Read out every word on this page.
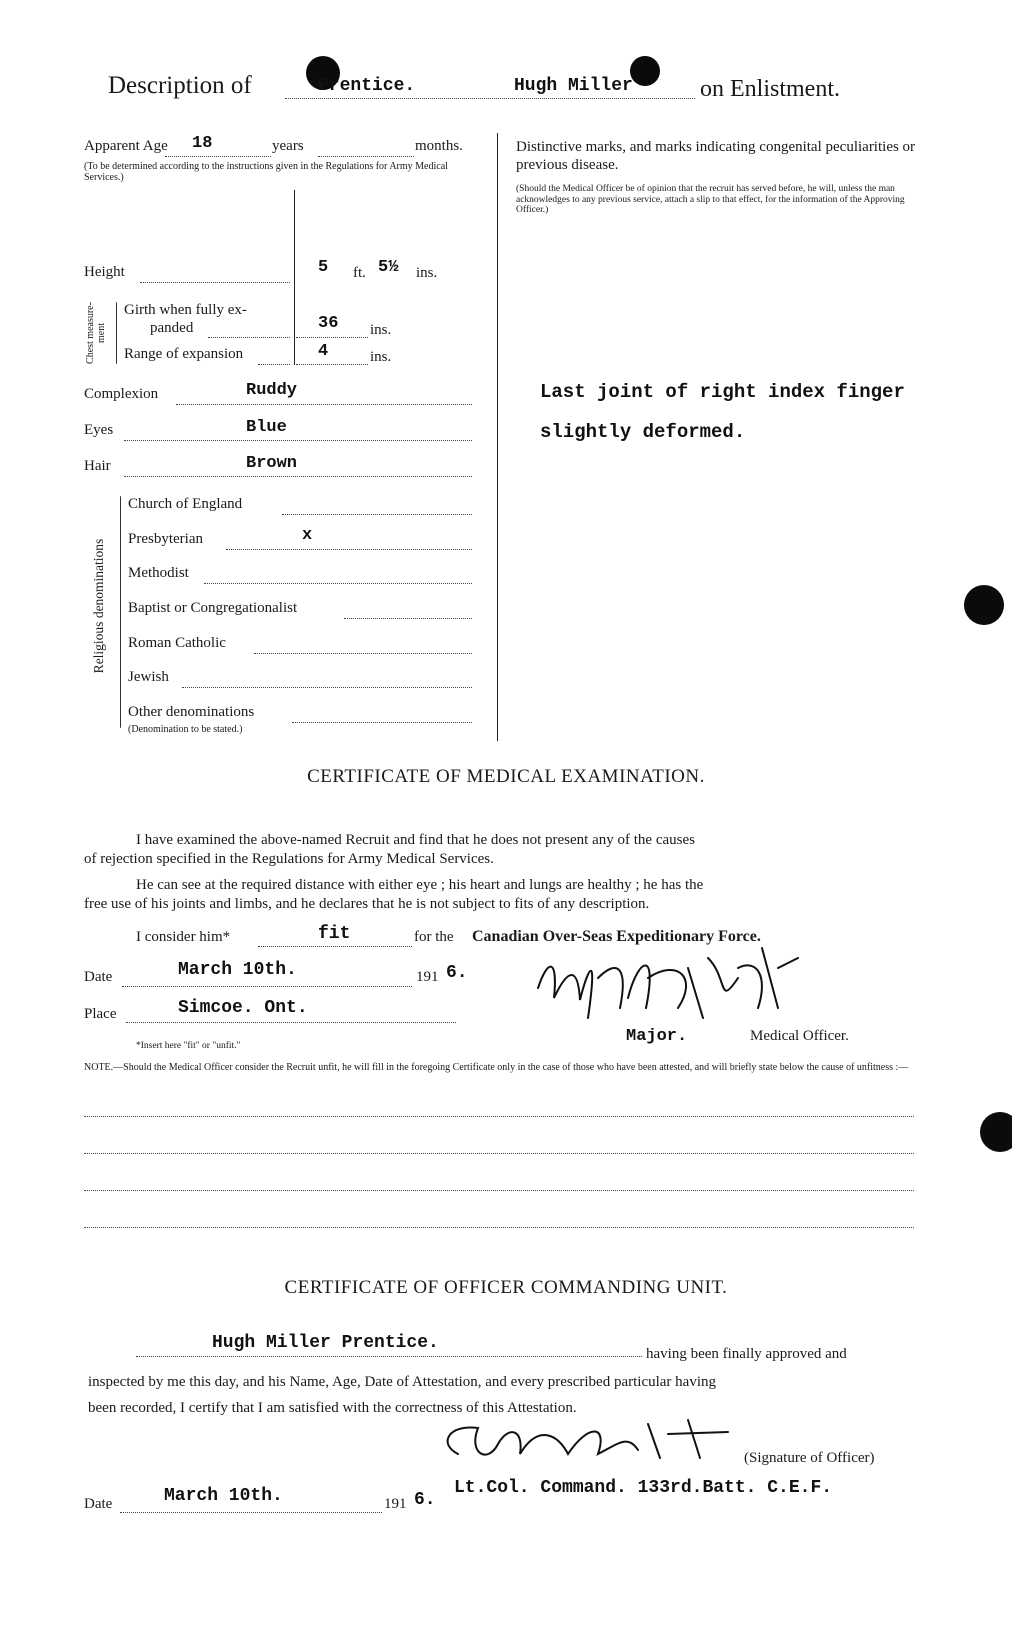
Description of	Prentice.	Hugh Miller	on Enlistment.
Apparent Age 18	years	months.
(To be determined according to the instructions given in the Regulations for Army Medical Services.)
Height	5 ft. 5½ ins.
Chest measure-ment
Girth when fully ex-
panded	36 ins.
Range of expansion	4	ins.
Complexion	Ruddy
Eyes	Blue
Hair	Brown
Religious denominations
Church of England
Presbyterian	x
Methodist
Baptist or Congregationalist
Roman Catholic
Jewish
Other denominations
(Denomination to be stated.)
Distinctive marks, and marks indicating congenital peculiarities or previous disease.
(Should the Medical Officer be of opinion that the recruit has served before, he will, unless the man acknowledges to any previous service, attach a slip to that effect, for the information of the Approving Officer.)
Last joint of right index finger
slightly deformed.
CERTIFICATE OF MEDICAL EXAMINATION.
I have examined the above-named Recruit and find that he does not present any of the causes
of rejection specified in the Regulations for Army Medical Services.
He can see at the required distance with either eye ; his heart and lungs are healthy ; he has the
free use of his joints and limbs, and he declares that he is not subject to fits of any description.
I consider him*	fit	for the Canadian Over-Seas Expeditionary Force.
Date	March 10th.	191 6.
Place	Simcoe. Ont.
*Insert here "fit" or "unfit."	Major.	Medical Officer.
NOTE.—Should the Medical Officer consider the Recruit unfit, he will fill in the foregoing Certificate only in the case of those who have been attested, and will briefly state below the cause of unfitness :—
CERTIFICATE OF OFFICER COMMANDING UNIT.
Hugh Miller Prentice.
having been finally approved and
inspected by me this day, and his Name, Age, Date of Attestation, and every prescribed particular having
been recorded, I certify that I am satisfied with the correctness of this Attestation.
(Signature of Officer)
Date	March 10th.	191 6.
Lt.Col. Command. 133rd.Batt. C.E.F.
